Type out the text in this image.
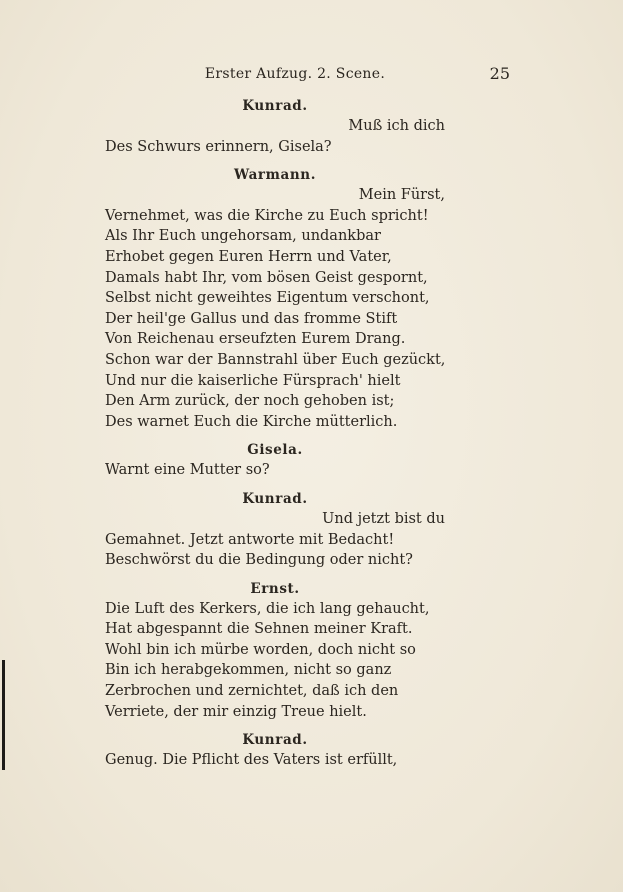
Erster Aufzug. 2. Scene.	25
Kunrad.
Muß ich dich
Des Schwurs erinnern, Gisela?
Warmann.
Mein Fürst,
Vernehmet, was die Kirche zu Euch spricht!
Als Ihr Euch ungehorsam, undankbar
Erhobet gegen Euren Herrn und Vater,
Damals habt Ihr, vom bösen Geist gespornt,
Selbst nicht geweihtes Eigentum verschont,
Der heil'ge Gallus und das fromme Stift
Von Reichenau erseufzten Eurem Drang.
Schon war der Bannstrahl über Euch gezückt,
Und nur die kaiserliche Fürsprach' hielt
Den Arm zurück, der noch gehoben ist;
Des warnet Euch die Kirche mütterlich.
Gisela.
Warnt eine Mutter so?
Kunrad.
Und jetzt bist du
Gemahnet. Jetzt antworte mit Bedacht!
Beschwörst du die Bedingung oder nicht?
Ernst.
Die Luft des Kerkers, die ich lang gehaucht,
Hat abgespannt die Sehnen meiner Kraft.
Wohl bin ich mürbe worden, doch nicht so
Bin ich herabgekommen, nicht so ganz
Zerbrochen und zernichtet, daß ich den
Verriete, der mir einzig Treue hielt.
Kunrad.
Genug. Die Pflicht des Vaters ist erfüllt,
